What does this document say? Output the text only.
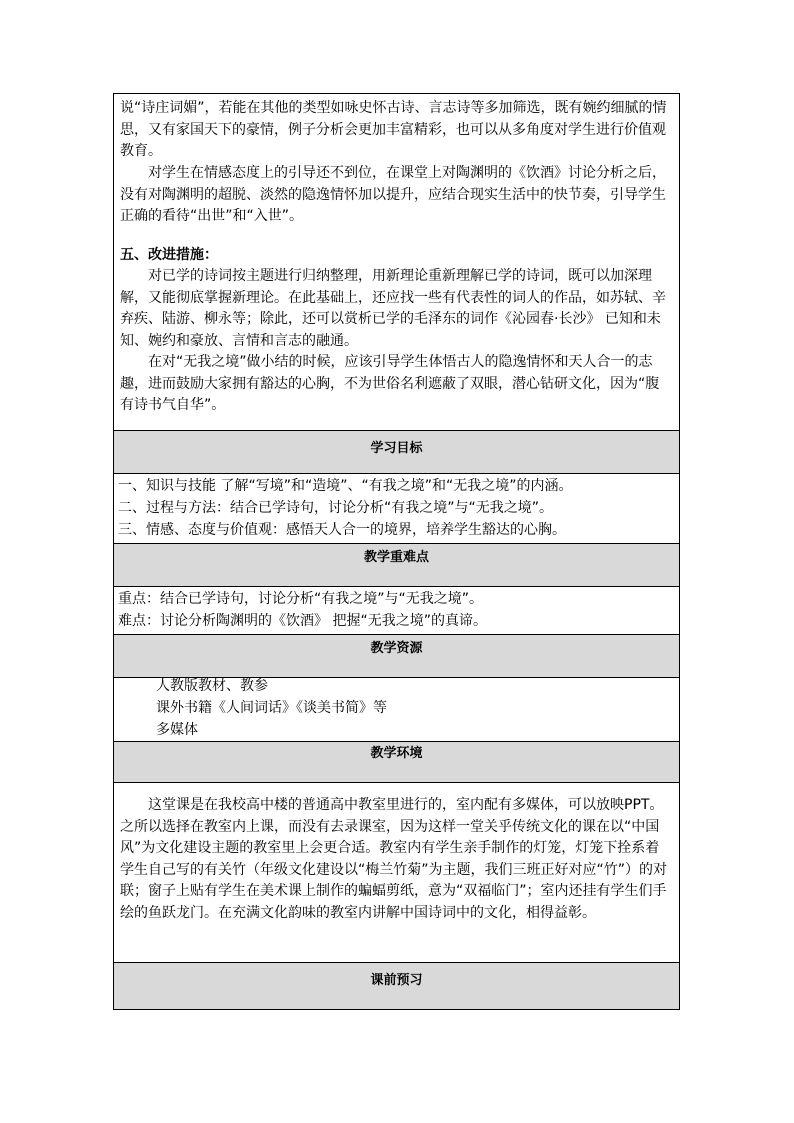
说“诗庄词媚”，若能在其他的类型如咏史怀古诗、言志诗等多加筛选，既有婉约细腻的情思，又有家国天下的豪情，例子分析会更加丰富精彩，也可以从多角度对学生进行价值观教育。

对学生在情感态度上的引导还不到位，在课堂上对陶渊明的《饮酒》讨论分析之后，没有对陶渊明的超脱、淡然的隐逸情怀加以提升，应结合现实生活中的快节奏，引导学生正确的看待“出世”和“入世”。

五、改进措施：

对已学的诗词按主题进行归纳整理，用新理论重新理解已学的诗词，既可以加深理解，又能彻底掌握新理论。在此基础上，还应找一些有代表性的词人的作品，如苏轼、辛弃疾、陆游、柳永等；除此，还可以赏析已学的毛泽东的词作《沁园春·长沙》 已知和未知、婉约和豪放、言情和言志的融通。

在对“无我之境”做小结的时候，应该引导学生体悟古人的隐逸情怀和天人合一的志趣，进而鼓励大家拥有豁达的心胸，不为世俗名利遮蔽了双眼，潜心钻研文化，因为“腹有诗书气自华”。

学习目标

一、知识与技能 了解“写境”和“造境”、“有我之境”和“无我之境”的内涵。

二、过程与方法：结合已学诗句，讨论分析“有我之境”与“无我之境”。

三、情感、态度与价值观：感悟天人合一的境界，培养学生豁达的心胸。

教学重难点

重点：结合已学诗句，讨论分析“有我之境”与“无我之境”。

难点：讨论分析陶渊明的《饮酒》 把握“无我之境”的真谛。

教学资源

人教版教材、教参

课外书籍《人间词话》《谈美书简》等

多媒体

教学环境

这堂课是在我校高中楼的普通高中教室里进行的，室内配有多媒体，可以放映PPT。之所以选择在教室内上课，而没有去录课室，因为这样一堂关乎传统文化的课在以“中国风”为文化建设主题的教室里上会更合适。教室内有学生亲手制作的灯笼，灯笼下拴系着学生自己写的有关竹（年级文化建设以“梅兰竹菊”为主题，我们三班正好对应“竹”）的对联；窗子上贴有学生在美术课上制作的蝙蝠剪纸，意为“双福临门”；室内还挂有学生们手绘的鱼跃龙门。在充满文化韵味的教室内讲解中国诗词中的文化，相得益彰。

课前预习
